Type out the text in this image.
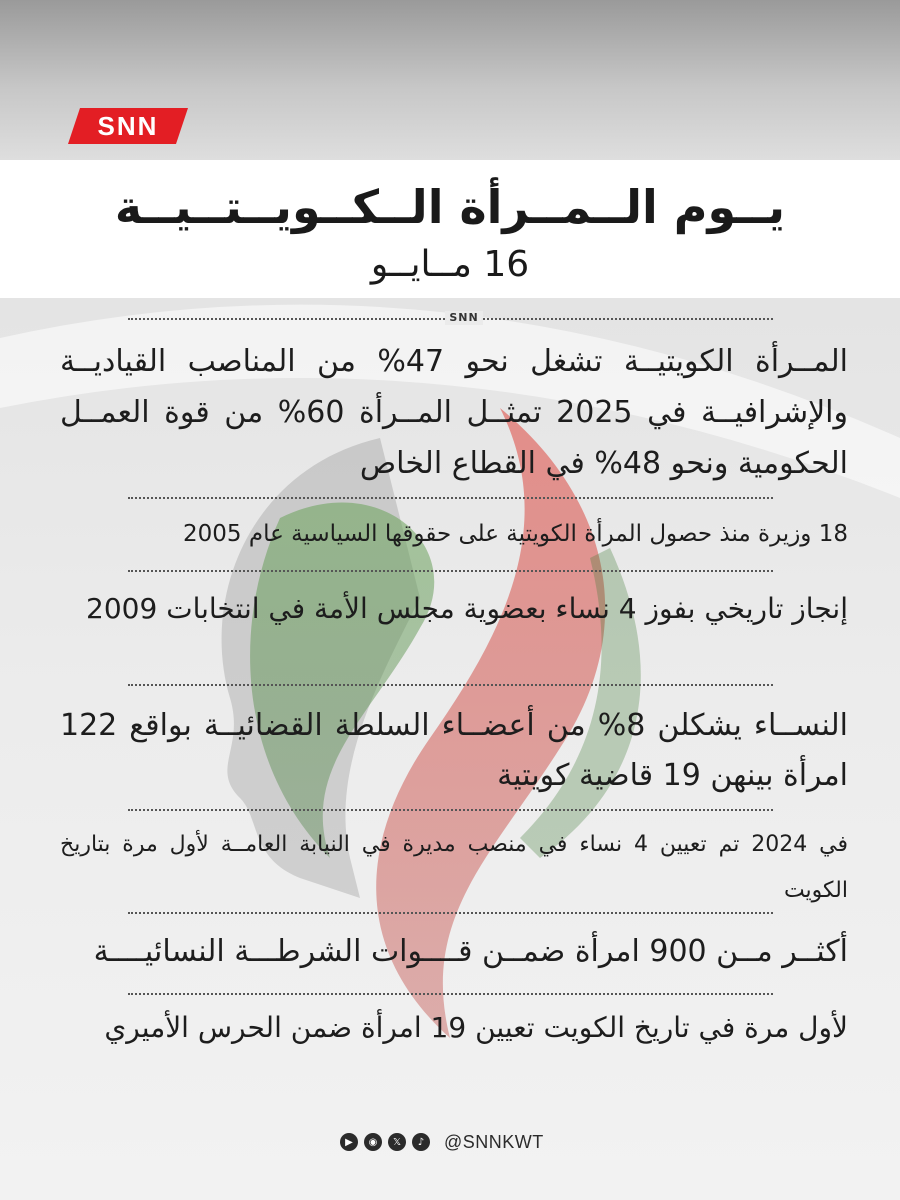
SNN
يــوم الــمــرأة الــكــويــتــيــة
16 مــايــو
SNN
المــرأة الكويتيــة تشغل نحو 47% من المناصب القياديــة والإشرافيــة في 2025 تمثــل المــرأة 60% من قوة العمــل الحكومية ونحو 48% في القطاع الخاص
18 وزيرة منذ حصول المرأة الكويتية على حقوقها السياسية عام 2005
إنجاز تاريخي بفوز 4 نساء بعضوية مجلس الأمة في انتخابات 2009
النســاء يشكلن 8% من أعضــاء السلطة القضائيــة بواقع 122 امرأة بينهن 19 قاضية كويتية
في 2024 تم تعيين 4 نساء في منصب مديرة في النيابة العامــة لأول مرة بتاريخ الكويت
أكثــر مــن 900 امرأة ضمــن قــــوات الشرطـــة النسائيــــة
لأول مرة في تاريخ الكويت تعيين 19 امرأة ضمن الحرس الأميري
▶	◉	𝕏	♪	@SNNKWT
